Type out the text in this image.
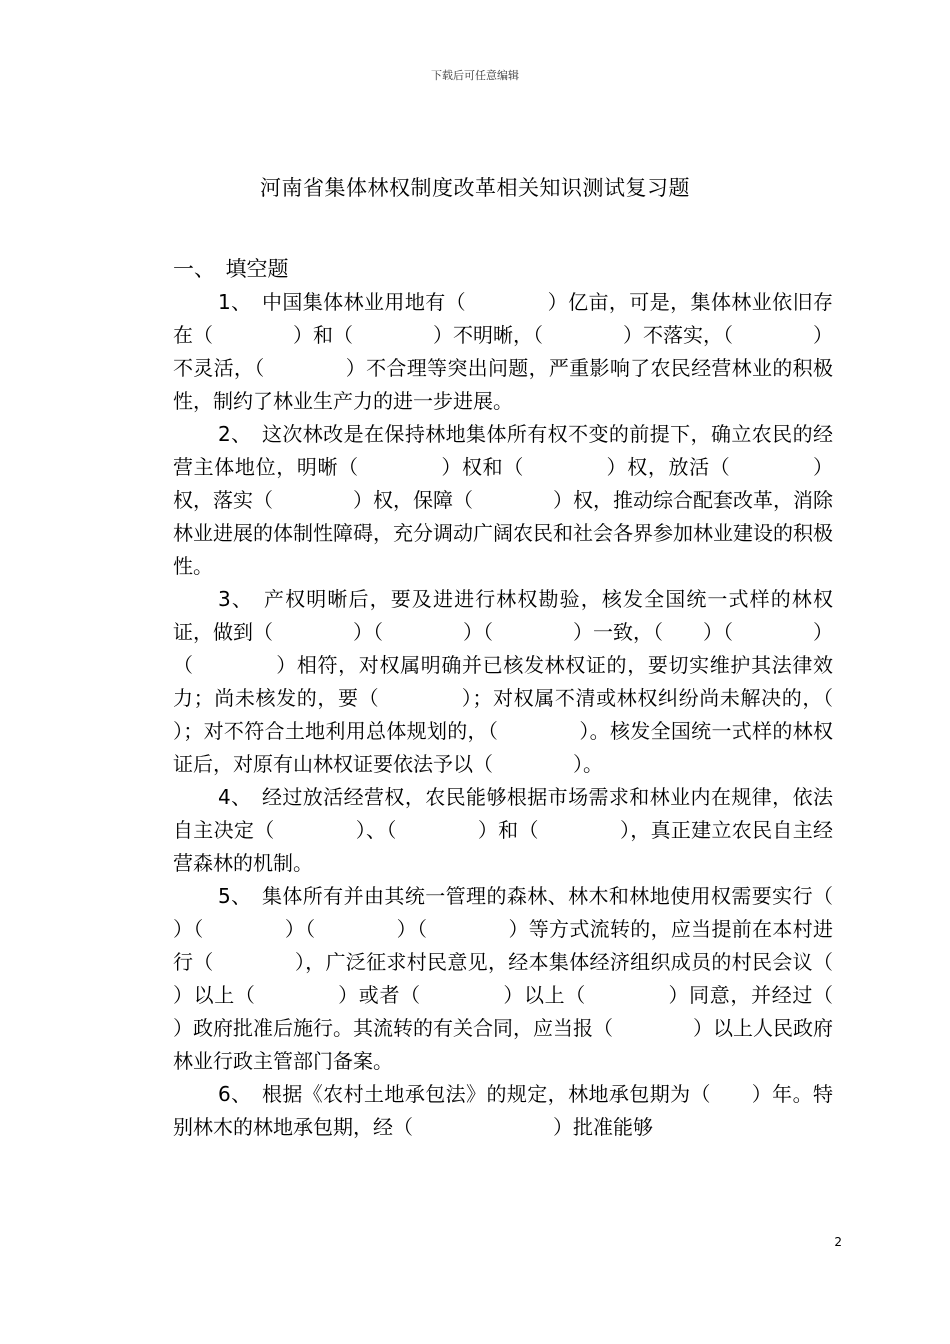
下载后可任意编辑
河南省集体林权制度改革相关知识测试复习题
一、　填空题

1、　中国集体林业用地有（　　　　）亿亩，可是，集体林业依旧存在（　　　　）和（　　　　）不明晰，（　　　　）不落实，（　　　　）不灵活，（　　　　）不合理等突出问题，严重影响了农民经营林业的积极性，制约了林业生产力的进一步进展。

2、　这次林改是在保持林地集体所有权不变的前提下，确立农民的经营主体地位，明晰（　　　　）权和（　　　　）权，放活（　　　　）权，落实（　　　　）权，保障（　　　　）权，推动综合配套改革，消除林业进展的体制性障碍，充分调动广阔农民和社会各界参加林业建设的积极性。

3、　产权明晰后，要及进进行林权勘验，核发全国统一式样的林权证，做到（　　　　）（　　　　）（　　　　）一致，（　　）（　　　　）（　　　　）相符，对权属明确并已核发林权证的，要切实维护其法律效力；尚未核发的，要（　　　　）；对权属不清或林权纠纷尚未解决的，（　　　　）；对不符合土地利用总体规划的，（　　　　）。核发全国统一式样的林权证后，对原有山林权证要依法予以（　　　　）。

4、　经过放活经营权，农民能够根据市场需求和林业内在规律，依法自主决定（　　　　）、（　　　　）和（　　　　），真正建立农民自主经营森林的机制。

5、　集体所有并由其统一管理的森林、林木和林地使用权需要实行（　　　　）（　　　　）（　　　　）（　　　　）等方式流转的，应当提前在本村进行（　　　　），广泛征求村民意见，经本集体经济组织成员的村民会议（　　　　）以上（　　　　）或者（　　　　）以上（　　　　）同意，并经过（　　　　）政府批准后施行。其流转的有关合同，应当报（　　　　）以上人民政府林业行政主管部门备案。

6、　根据《农村土地承包法》的规定，林地承包期为（　　）年。特别林木的林地承包期，经（　　　　　　　）批准能够

2
